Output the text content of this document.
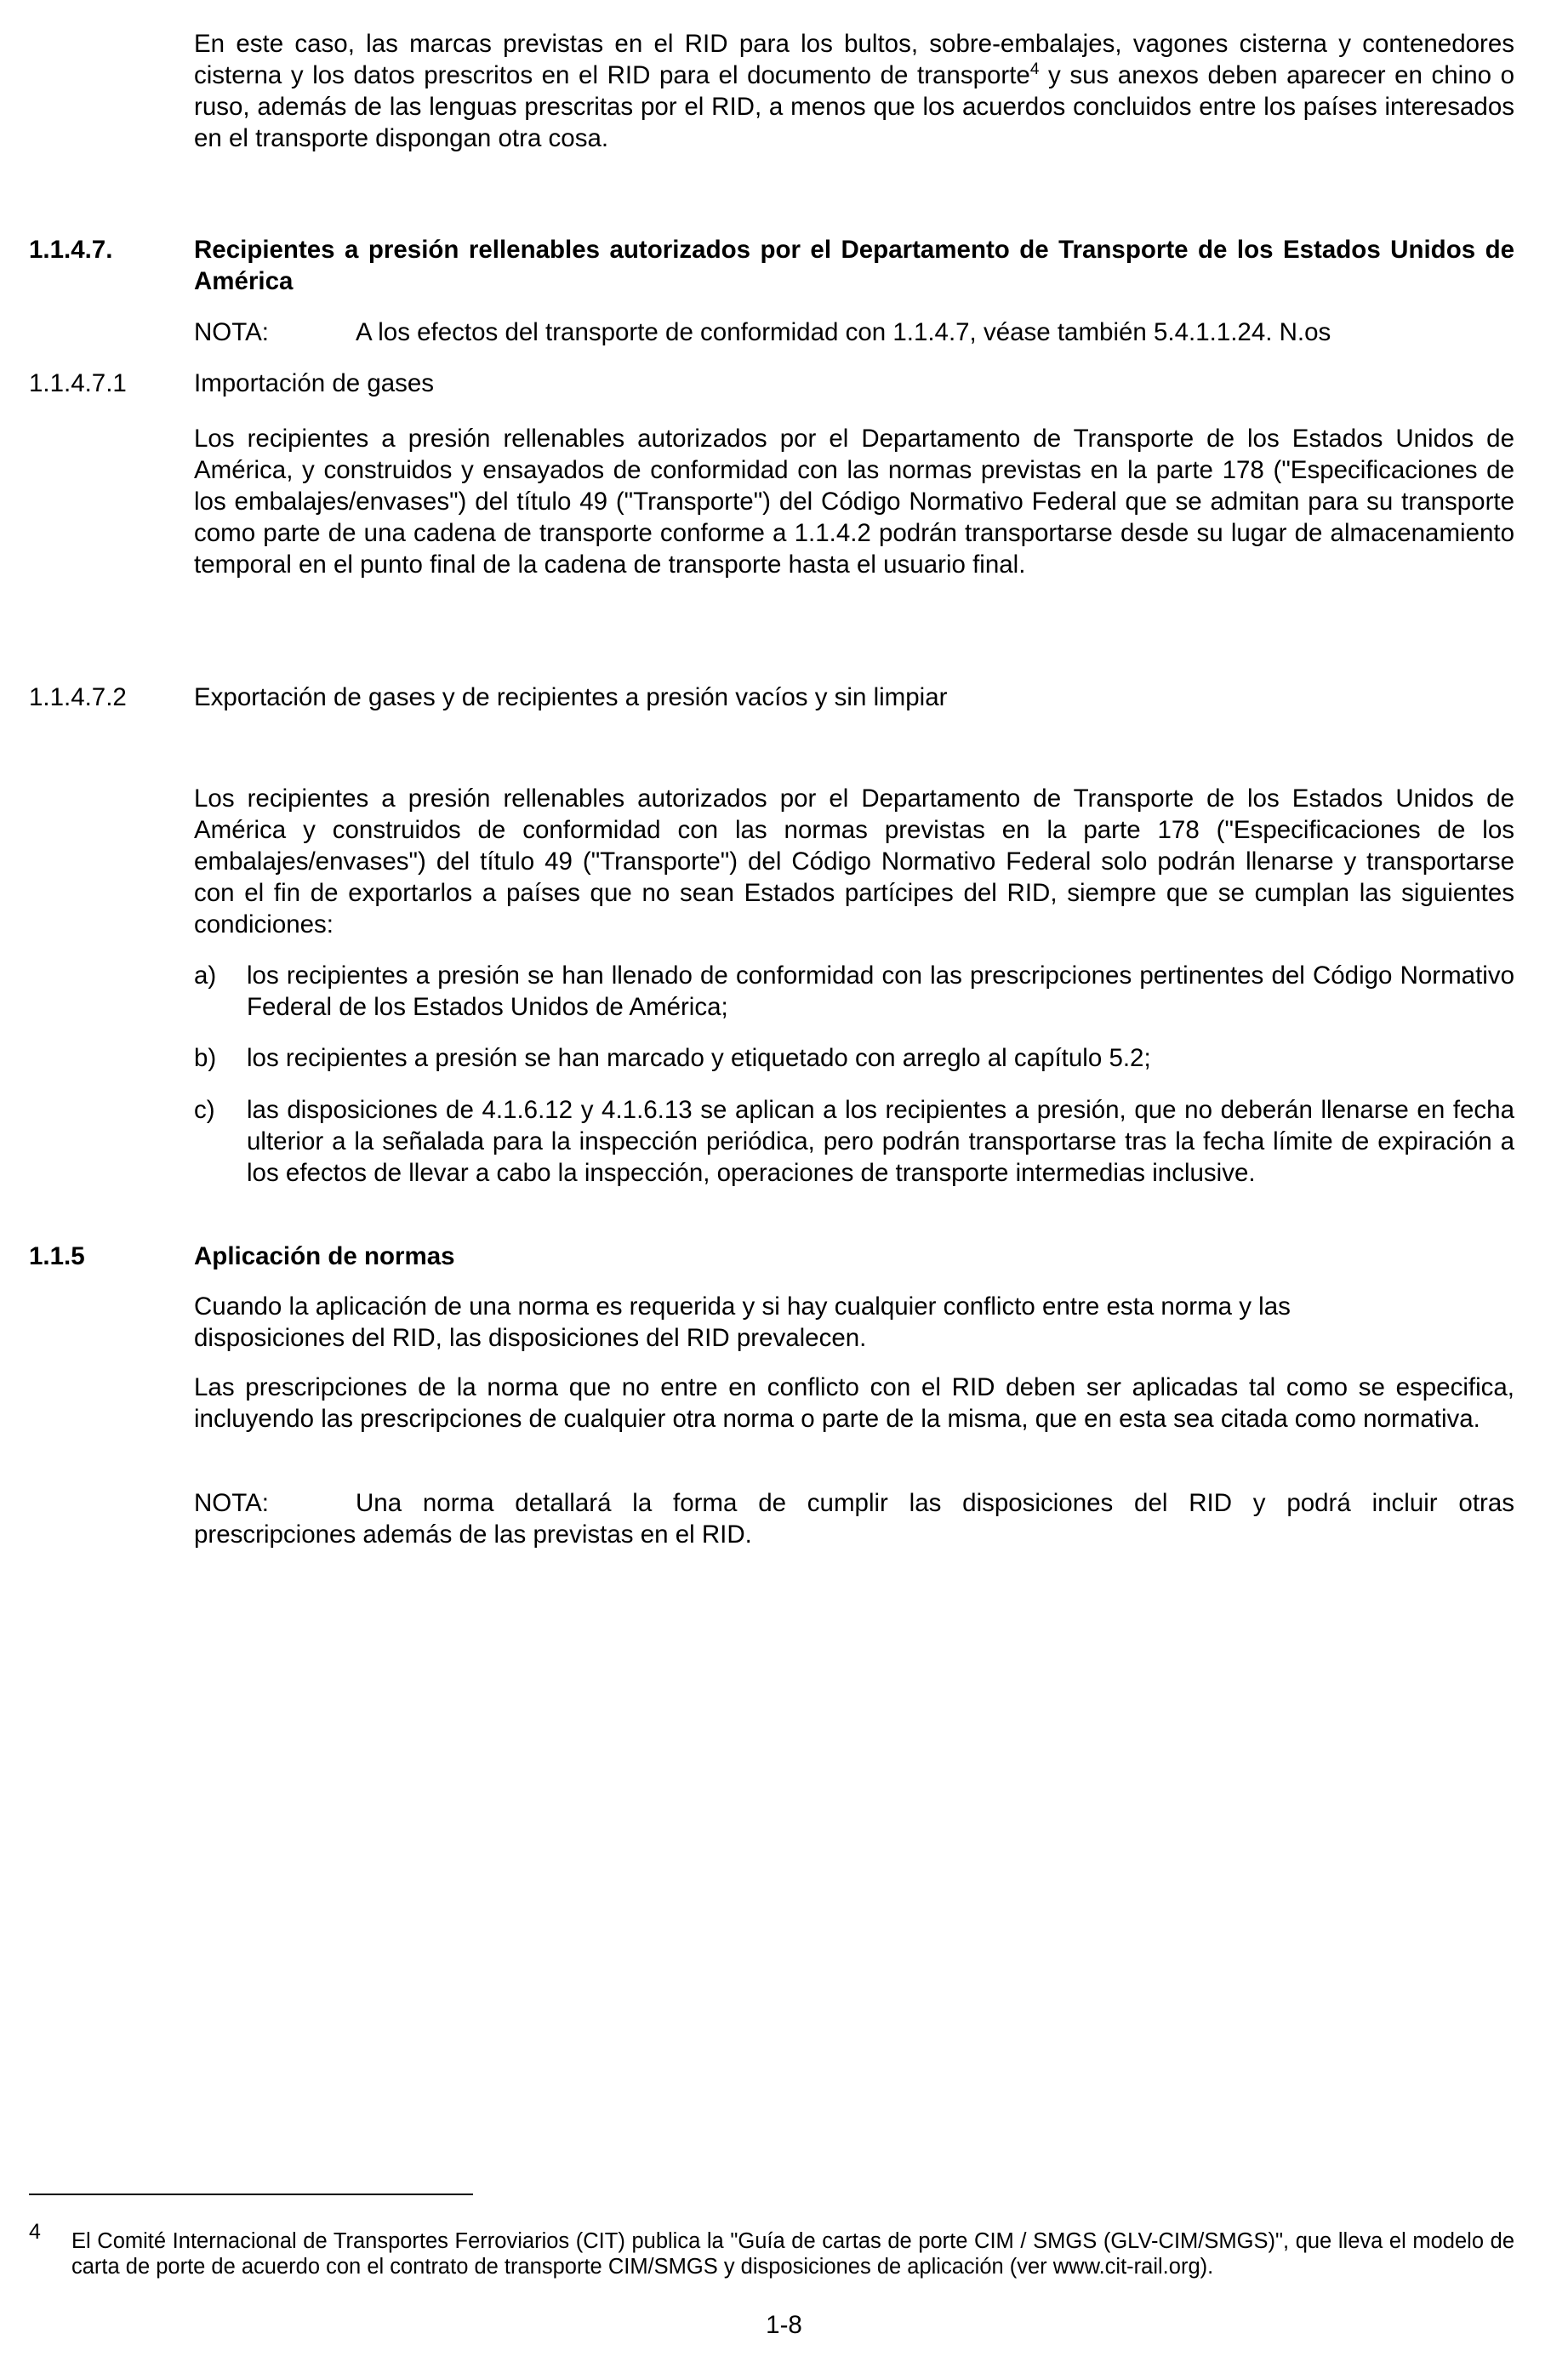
En este caso, las marcas previstas en el RID para los bultos, sobre-embalajes, vagones cisterna y contenedores cisterna y los datos prescritos en el RID para el documento de transporte$^4$ y sus anexos deben aparecer en chino o ruso, además de las lenguas prescritas por el RID, a menos que los acuerdos concluidos entre los países interesados en el transporte dispongan otra cosa.

1.1.4.7.	Recipientes a presión rellenables autorizados por el Departamento de Transporte de los Estados Unidos de América
NOTA:	A los efectos del transporte de conformidad con 1.1.4.7, véase también 5.4.1.1.24. N.os
1.1.4.7.1	Importación de gases

Los recipientes a presión rellenables autorizados por el Departamento de Transporte de los Estados Unidos de América, y construidos y ensayados de conformidad con las normas previstas en la parte 178 ("Especificaciones de los embalajes/envases") del título 49 ("Transporte") del Código Normativo Federal que se admitan para su transporte como parte de una cadena de transporte conforme a 1.1.4.2 podrán transportarse desde su lugar de almacenamiento temporal en el punto final de la cadena de transporte hasta el usuario final.

1.1.4.7.2	Exportación de gases y de recipientes a presión vacíos y sin limpiar

Los recipientes a presión rellenables autorizados por el Departamento de Transporte de los Estados Unidos de América y construidos de conformidad con las normas previstas en la parte 178 ("Especificaciones de los embalajes/envases") del título 49 ("Transporte") del Código Normativo Federal solo podrán llenarse y transportarse con el fin de exportarlos a países que no sean Estados partícipes del RID, siempre que se cumplan las siguientes condiciones:

a) los recipientes a presión se han llenado de conformidad con las prescripciones pertinentes del Código Normativo Federal de los Estados Unidos de América;
b) los recipientes a presión se han marcado y etiquetado con arreglo al capítulo 5.2;
c) las disposiciones de 4.1.6.12 y 4.1.6.13 se aplican a los recipientes a presión, que no deberán llenarse en fecha ulterior a la señalada para la inspección periódica, pero podrán transportarse tras la fecha límite de expiración a los efectos de llevar a cabo la inspección, operaciones de transporte intermedias inclusive.
1.1.5	Aplicación de normas
Cuando la aplicación de una norma es requerida y si hay cualquier conflicto entre esta norma y las
disposiciones del RID, las disposiciones del RID prevalecen.

Las prescripciones de la norma que no entre en conflicto con el RID deben ser aplicadas tal como se especifica, incluyendo las prescripciones de cualquier otra norma o parte de la misma, que en esta sea citada como normativa.

NOTA:	Una norma detallará la forma de cumplir las disposiciones del RID y podrá incluir otras
prescripciones además de las previstas en el RID.
4 El Comité Internacional de Transportes Ferroviarios (CIT) publica la "Guía de cartas de porte CIM / SMGS (GLV-CIM/SMGS)", que lleva el modelo de carta de porte de acuerdo con el contrato de transporte CIM/SMGS y disposiciones de aplicación (ver www.cit-rail.org).

1-8
